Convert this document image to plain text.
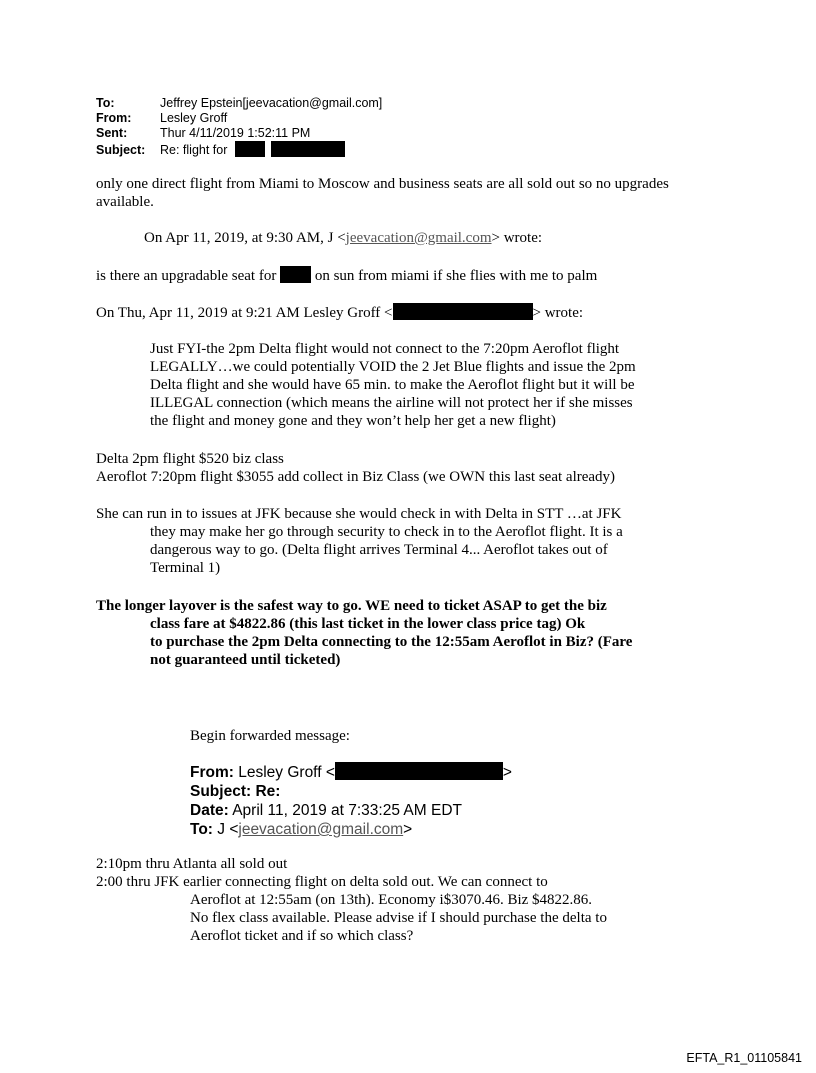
To:	Jeffrey Epstein[jeevacation@gmail.com]
From: Lesley Groff
Sent:	Thur 4/11/2019 1:52:11 PM
Subject: Re: flight for
only one direct flight from Miami to Moscow and business seats are all sold out so no upgrades available.
On Apr 11, 2019, at 9:30 AM, J <jeevacation@gmail.com> wrote:
is there an upgradable seat for	on sun from miami if she flies with me to palm
On Thu, Apr 11, 2019 at 9:21 AM Lesley Groff <	> wrote:
Just FYI-the 2pm Delta flight would not connect to the 7:20pm Aeroflot flight
LEGALLY…we could potentially VOID the 2 Jet Blue flights and issue the 2pm
Delta flight and she would have 65 min. to make the Aeroflot flight but it will be
ILLEGAL connection (which means the airline will not protect her if she misses
the flight and money gone and they won’t help her get a new flight)
Delta 2pm flight $520 biz class
Aeroflot 7:20pm flight $3055 add collect in Biz Class (we OWN this last seat already)
She can run in to issues at JFK because she would check in with Delta in STT …at JFK
they may make her go through security to check in to the Aeroflot flight. It is a
dangerous way to go. (Delta flight arrives Terminal 4... Aeroflot takes out of
Terminal 1)
The longer layover is the safest way to go. WE need to ticket ASAP to get the biz
class fare at $4822.86 (this last ticket in the lower class price tag) Ok
to purchase the 2pm Delta connecting to the 12:55am Aeroflot in Biz? (Fare
not guaranteed until ticketed)
Begin forwarded message:
From: Lesley Groff <	>
Subject: Re:
Date: April 11, 2019 at 7:33:25 AM EDT
To: J <jeevacation@gmail.com>
2:10pm thru Atlanta all sold out
2:00 thru JFK earlier connecting flight on delta sold out. We can connect to
Aeroflot at 12:55am (on 13th). Economy i$3070.46. Biz $4822.86.
No flex class available. Please advise if I should purchase the delta to
Aeroflot ticket and if so which class?
EFTA_R1_01105841
